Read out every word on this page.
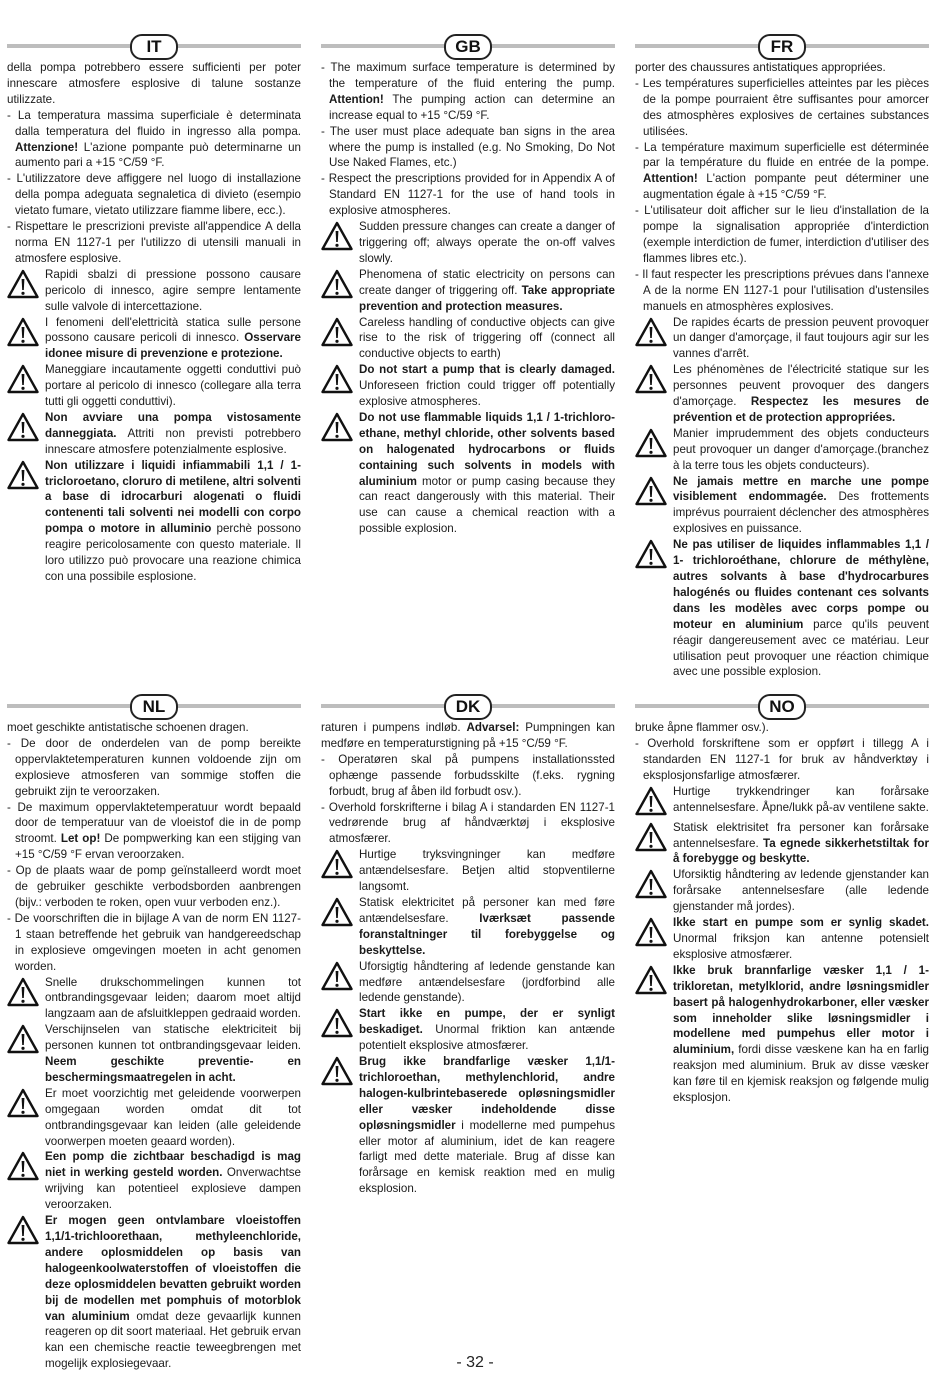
IT

della pompa potrebbero essere sufficienti per poter innescare atmosfere esplosive di talune sostanze utilizzate.

- La temperatura massima superficiale è determinata dalla temperatura del fluido in ingresso alla pompa. Attenzione! L'azione pompante può determinarne un aumento pari a +15 °C/59 °F.

- L'utilizzatore deve affiggere nel luogo di installazione della pompa adeguata segnaletica di divieto (esempio vietato fumare, vietato utilizzare fiamme libere, ecc.).

- Rispettare le prescrizioni previste all'appendice A della norma EN 1127-1 per l'utilizzo di utensili manuali in atmosfere esplosive.

Rapidi sbalzi di pressione possono causare pericolo di innesco, agire sempre lentamente sulle valvole di intercettazione.

I fenomeni dell'elettricità statica sulle persone possono causare pericoli di innesco. Osservare idonee misure di prevenzione e protezione.

Maneggiare incautamente oggetti conduttivi può portare al pericolo di innesco (collegare alla terra tutti gli oggetti conduttivi).

Non avviare una pompa vistosamente danneggiata. Attriti non previsti potrebbero innescare atmosfere potenzialmente esplosive.

Non utilizzare i liquidi infiammabili 1,1 / 1-tricloroetano, cloruro di metilene, altri solventi a base di idrocarburi alogenati o fluidi contenenti tali solventi nei modelli con corpo pompa o motore in alluminio perchè possono reagire pericolosamente con questo materiale. Il loro utilizzo può provocare una reazione chimica con una possibile esplosione.

GB

- The maximum surface temperature is determined by the temperature of the fluid entering the pump. Attention! The pumping action can determine an increase equal to +15 °C/59 °F.

- The user must place adequate ban signs in the area where the pump is installed (e.g. No Smoking, Do Not Use Naked Flames, etc.)

- Respect the prescriptions provided for in Appendix A of Standard EN 1127-1 for the use of hand tools in explosive atmospheres.

Sudden pressure changes can create a danger of triggering off; always operate the on-off valves slowly.

Phenomena of static electricity on persons can create danger of triggering off. Take appropriate prevention and protection measures.

Careless handling of conductive objects can give rise to the risk of triggering off (connect all conductive objects to earth)

Do not start a pump that is clearly damaged. Unforeseen friction could trigger off potentially explosive atmospheres.

Do not use flammable liquids 1,1 / 1-trichloro-ethane, methyl chloride, other solvents based on halogenated hydrocarbons or fluids containing such solvents in models with aluminium motor or pump casing because they can react dangerously with this material. Their use can cause a chemical reaction with a possible explosion.

FR

porter des chaussures antistatiques appropriées.

- Les températures superficielles atteintes par les pièces de la pompe pourraient être suffisantes pour amorcer des atmosphères explosives de certaines substances utilisées.

- La température maximum superficielle est déterminée par la température du fluide en entrée de la pompe. Attention! L'action pompante peut déterminer une augmentation égale à +15 °C/59 °F.

- L'utilisateur doit afficher sur le lieu d'installation de la pompe la signalisation appropriée d'interdiction (exemple interdiction de fumer, interdiction d'utiliser des flammes libres etc.).

- Il faut respecter les prescriptions prévues dans l'annexe A de la norme EN 1127-1 pour l'utilisation d'ustensiles manuels en atmosphères explosives.

De rapides écarts de pression peuvent provoquer un danger d'amorçage, il faut toujours agir sur les vannes d'arrêt.

Les phénomènes de l'électricité statique sur les personnes peuvent provoquer des dangers d'amorçage. Respectez les mesures de prévention et de protection appropriées.

Manier imprudemment des objets conducteurs peut provoquer un danger d'amorçage.(branchez à la terre tous les objets conducteurs).

Ne jamais mettre en marche une pompe visiblement endommagée. Des frottements imprévus pourraient déclencher des atmosphères explosives en puissance.

Ne pas utiliser de liquides inflammables 1,1 / 1- trichloroéthane, chlorure de méthylène, autres solvants à base d'hydrocarbures halogénés ou fluides contenant ces solvants dans les modèles avec corps pompe ou moteur en aluminium parce qu'ils peuvent réagir dangereusement avec ce matériau. Leur utilisation peut provoquer une réaction chimique avec une possible explosion.

NL

moet geschikte antistatische schoenen dragen.

- De door de onderdelen van de pomp bereikte oppervlaktetemperaturen kunnen voldoende zijn om explosieve atmosferen van sommige stoffen die gebruikt zijn te veroorzaken.

- De maximum oppervlaktetemperatuur wordt bepaald door de temperatuur van de vloeistof die in de pomp stroomt. Let op! De pompwerking kan een stijging van +15 °C/59 °F ervan veroorzaken.

- Op de plaats waar de pomp geïnstalleerd wordt moet de gebruiker geschikte verbodsborden aanbrengen (bijv.: verboden te roken, open vuur verboden enz.).

- De voorschriften die in bijlage A van de norm EN 1127-1 staan betreffende het gebruik van handgereedschap in explosieve omgevingen moeten in acht genomen worden.

Snelle drukschommelingen kunnen tot ontbrandingsgevaar leiden; daarom moet altijd langzaam aan de afsluitkleppen gedraaid worden.

Verschijnselen van statische elektriciteit bij personen kunnen tot ontbrandingsgevaar leiden. Neem geschikte preventie- en beschermingsmaatregelen in acht.

Er moet voorzichtig met geleidende voorwerpen omgegaan worden omdat dit tot ontbrandingsgevaar kan leiden (alle geleidende voorwerpen moeten geaard worden).

Een pomp die zichtbaar beschadigd is mag niet in werking gesteld worden. Onverwachtse wrijving kan potentieel explosieve dampen veroorzaken.

Er mogen geen ontvlambare vloeistoffen 1,1/1-trichloorethaan, methyleenchloride, andere oplosmiddelen op basis van halogeenkoolwaterstoffen of vloeistoffen die deze oplosmiddelen bevatten gebruikt worden bij de modellen met pomphuis of motorblok van aluminium omdat deze gevaarlijk kunnen reageren op dit soort materiaal. Het gebruik ervan kan een chemische reactie teweegbrengen met mogelijk explosiegevaar.

DK

raturen i pumpens indløb. Advarsel: Pumpningen kan medføre en temperaturstigning på +15 °C/59 °F.

- Operatøren skal på pumpens installationssted ophænge passende forbudsskilte (f.eks. rygning forbudt, brug af åben ild forbudt osv.).

- Overhold forskrifterne i bilag A i standarden EN 1127-1 vedrørende brug af håndværktøj i eksplosive atmosfærer.

Hurtige tryksvingninger kan medføre antændelsesfare. Betjen altid stopventilerne langsomt.

Statisk elektricitet på personer kan med føre antændelsesfare. Iværksæt passende foranstaltninger til forebyggelse og beskyttelse.

Uforsigtig håndtering af ledende genstande kan medføre antændelsesfare (jordforbind alle ledende genstande).

Start ikke en pumpe, der er synligt beskadiget. Unormal friktion kan antænde potentielt eksplosive atmosfærer.

Brug ikke brandfarlige væsker 1,1/1-trichloroethan, methylenchlorid, andre halogen-kulbrintebaserede opløsningsmidler eller væsker indeholdende disse opløsningsmidler i modellerne med pumpehus eller motor af aluminium, idet de kan reagere farligt med dette materiale. Brug af disse kan forårsage en kemisk reaktion med en mulig eksplosion.

NO

bruke åpne flammer osv.).

- Overhold forskriftene som er oppført i tillegg A i standarden EN 1127-1 for bruk av håndverktøy i eksplosjonsfarlige atmosfærer.

Hurtige trykkendringer kan forårsake antennelsesfare. Åpne/lukk på-av ventilene sakte.

Statisk elektrisitet fra personer kan forårsake antennelsesfare. Ta egnede sikkerhetstiltak for å forebygge og beskytte.

Uforsiktig håndtering av ledende gjenstander kan forårsake antennelsesfare (alle ledende gjenstander må jordes).

Ikke start en pumpe som er synlig skadet. Unormal friksjon kan antenne potensielt eksplosive atmosfærer.

Ikke bruk brannfarlige væsker 1,1 / 1-trikloretan, metylklorid, andre løsningsmidler basert på halogenhydrokarboner, eller væsker som inneholder slike løsningsmidler i modellene med pumpehus eller motor i aluminium, fordi disse væskene kan ha en farlig reaksjon med aluminium. Bruk av disse væsker kan føre til en kjemisk reaksjon og følgende mulig eksplosjon.

- 32 -
